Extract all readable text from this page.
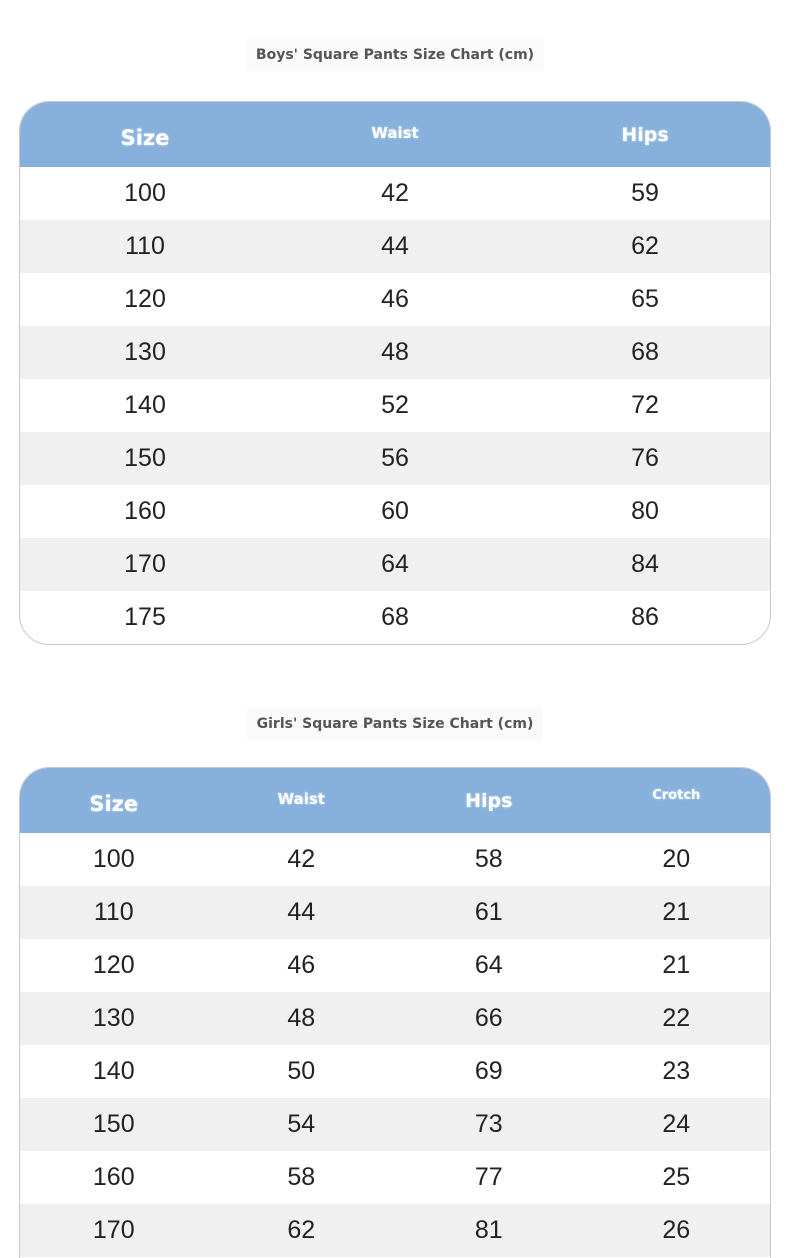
Boys' Square Pants Size Chart (cm)
Size	Waist	Hips
100	42	59
110	44	62
120	46	65
130	48	68
140	52	72
150	56	76
160	60	80
170	64	84
175	68	86
Girls' Square Pants Size Chart (cm)
Size	Waist	Hips	Crotch
100	42	58	20
110	44	61	21
120	46	64	21
130	48	66	22
140	50	69	23
150	54	73	24
160	58	77	25
170	62	81	26
